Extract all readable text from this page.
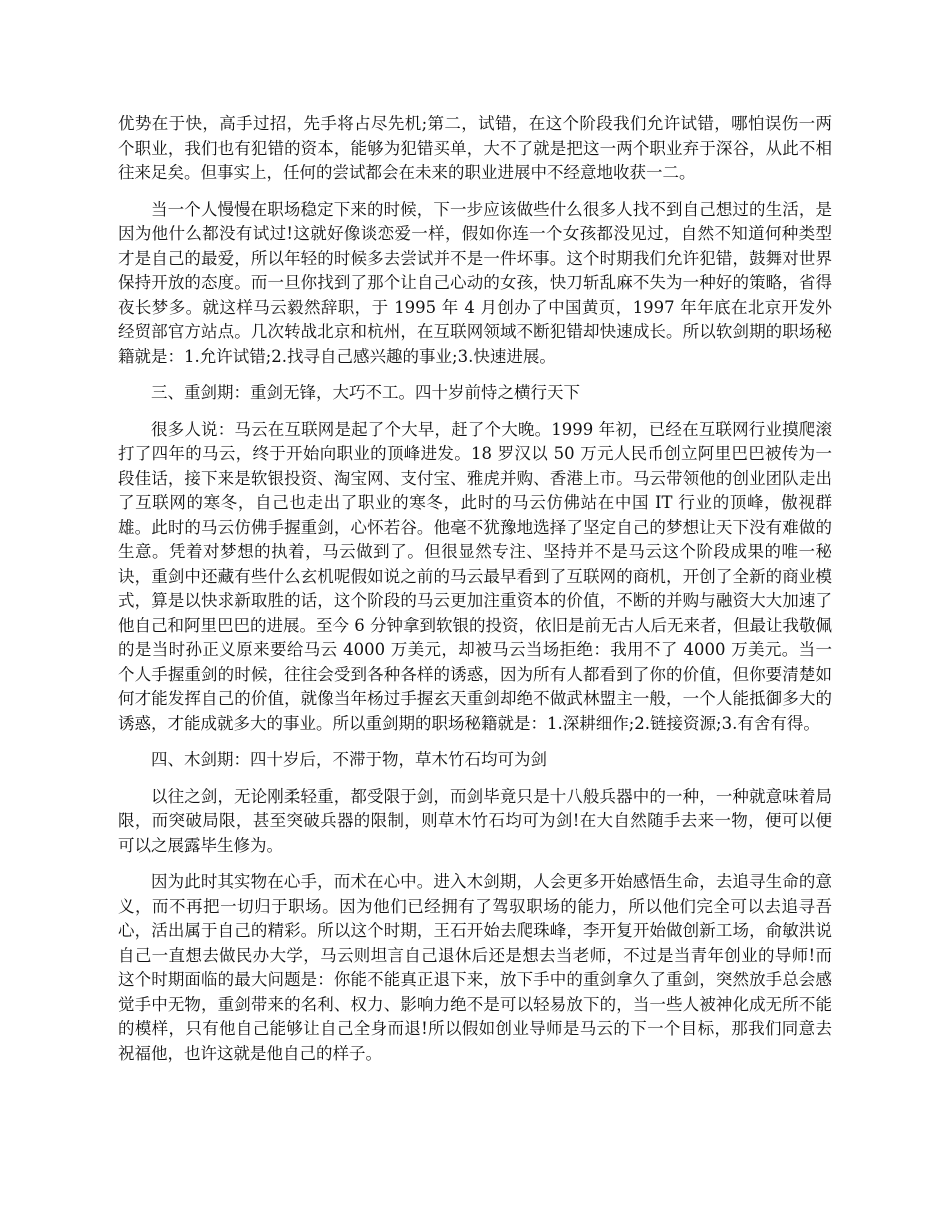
优势在于快，高手过招，先手将占尽先机;第二，试错，在这个阶段我们允许试错，哪怕误伤一两个职业，我们也有犯错的资本，能够为犯错买单，大不了就是把这一两个职业弃于深谷，从此不相往来足矣。但事实上，任何的尝试都会在未来的职业进展中不经意地收获一二。

当一个人慢慢在职场稳定下来的时候，下一步应该做些什么很多人找不到自己想过的生活，是因为他什么都没有试过!这就好像谈恋爱一样，假如你连一个女孩都没见过，自然不知道何种类型才是自己的最爱，所以年轻的时候多去尝试并不是一件坏事。这个时期我们允许犯错，鼓舞对世界保持开放的态度。而一旦你找到了那个让自己心动的女孩，快刀斩乱麻不失为一种好的策略，省得夜长梦多。就这样马云毅然辞职，于 1995 年 4 月创办了中国黄页，1997 年年底在北京开发外经贸部官方站点。几次转战北京和杭州，在互联网领域不断犯错却快速成长。所以软剑期的职场秘籍就是：1.允许试错;2.找寻自己感兴趣的事业;3.快速进展。

三、重剑期：重剑无锋，大巧不工。四十岁前恃之横行天下

很多人说：马云在互联网是起了个大早，赶了个大晚。1999 年初，已经在互联网行业摸爬滚打了四年的马云，终于开始向职业的顶峰进发。18 罗汉以 50 万元人民币创立阿里巴巴被传为一段佳话，接下来是软银投资、淘宝网、支付宝、雅虎并购、香港上市。马云带领他的创业团队走出了互联网的寒冬，自己也走出了职业的寒冬，此时的马云仿佛站在中国 IT 行业的顶峰，傲视群雄。此时的马云仿佛手握重剑，心怀若谷。他毫不犹豫地选择了坚定自己的梦想让天下没有难做的生意。凭着对梦想的执着，马云做到了。但很显然专注、坚持并不是马云这个阶段成果的唯一秘诀，重剑中还藏有些什么玄机呢假如说之前的马云最早看到了互联网的商机，开创了全新的商业模式，算是以快求新取胜的话，这个阶段的马云更加注重资本的价值，不断的并购与融资大大加速了他自己和阿里巴巴的进展。至今 6 分钟拿到软银的投资，依旧是前无古人后无来者，但最让我敬佩的是当时孙正义原来要给马云 4000 万美元，却被马云当场拒绝：我用不了 4000 万美元。当一个人手握重剑的时候，往往会受到各种各样的诱惑，因为所有人都看到了你的价值，但你要清楚如何才能发挥自己的价值，就像当年杨过手握玄天重剑却绝不做武林盟主一般，一个人能抵御多大的诱惑，才能成就多大的事业。所以重剑期的职场秘籍就是：1.深耕细作;2.链接资源;3.有舍有得。

四、木剑期：四十岁后，不滞于物，草木竹石均可为剑

以往之剑，无论刚柔轻重，都受限于剑，而剑毕竟只是十八般兵器中的一种，一种就意味着局限，而突破局限，甚至突破兵器的限制，则草木竹石均可为剑!在大自然随手去来一物，便可以便可以之展露毕生修为。

因为此时其实物在心手，而术在心中。进入木剑期，人会更多开始感悟生命，去追寻生命的意义，而不再把一切归于职场。因为他们已经拥有了驾驭职场的能力，所以他们完全可以去追寻吾心，活出属于自己的精彩。所以这个时期，王石开始去爬珠峰，李开复开始做创新工场，俞敏洪说自己一直想去做民办大学，马云则坦言自己退休后还是想去当老师，不过是当青年创业的导师!而这个时期面临的最大问题是：你能不能真正退下来，放下手中的重剑拿久了重剑，突然放手总会感觉手中无物，重剑带来的名利、权力、影响力绝不是可以轻易放下的，当一些人被神化成无所不能的模样，只有他自己能够让自己全身而退!所以假如创业导师是马云的下一个目标，那我们同意去祝福他，也许这就是他自己的样子。
